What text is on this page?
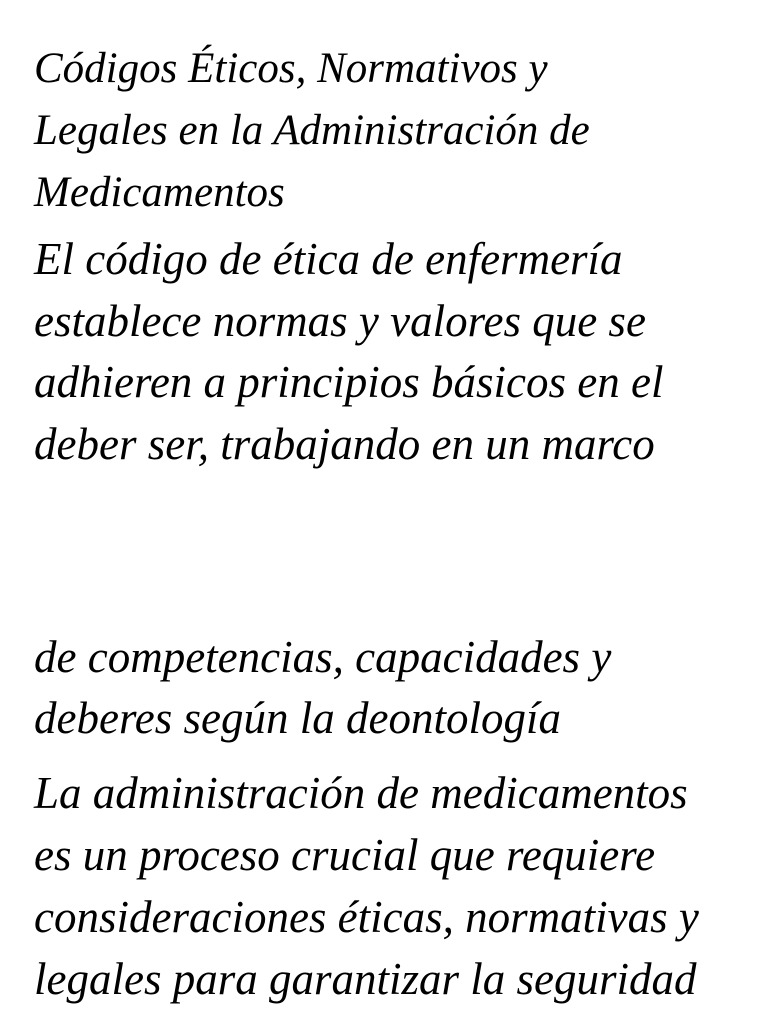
Códigos Éticos, Normativos y
Legales en la Administración de
Medicamentos

El código de ética de enfermería
establece normas y valores que se
adhieren a principios básicos en el
deber ser, trabajando en un marco

de competencias, capacidades y
deberes según la deontología

La administración de medicamentos
es un proceso crucial que requiere
consideraciones éticas, normativas y
legales para garantizar la seguridad
